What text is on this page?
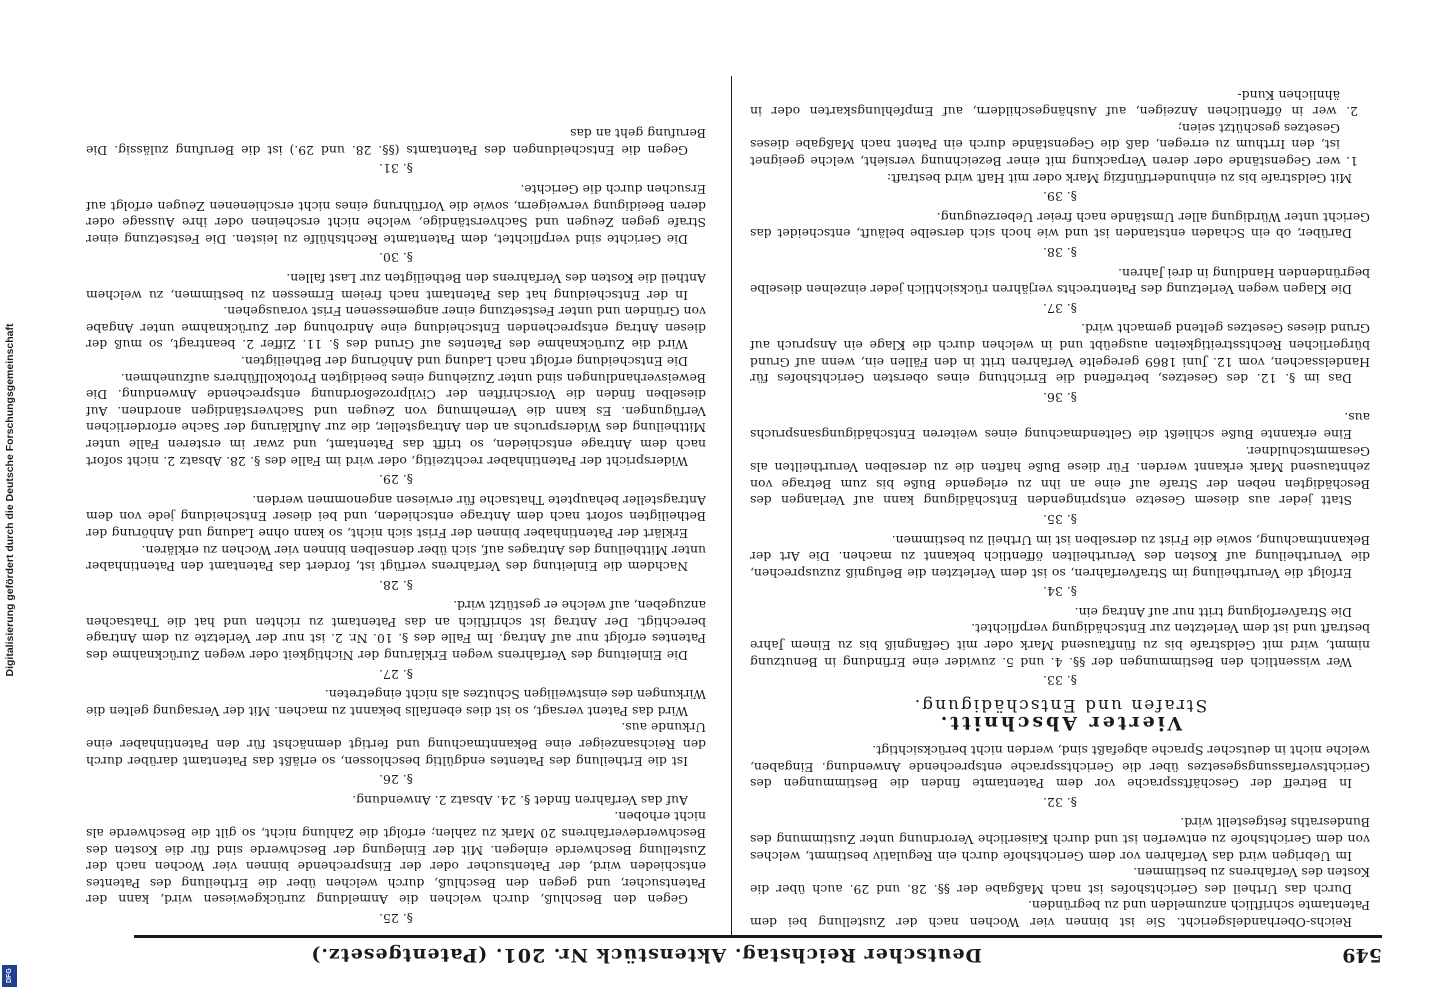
Digitalisierung gefördert durch die Deutsche Forschungsgemeinschaft
DFG
549
Deutscher Reichstag. Aktenstück Nr. 201. (Patentgesetz.)
Reichs-Oberhandelsgericht. Sie ist binnen vier Wochen nach der Zustellung bei dem Patentamte schriftlich anzumelden und zu begründen.
Durch das Urtheil des Gerichtshofes ist nach Maßgabe der §§. 28. und 29. auch über die Kosten des Verfahrens zu bestimmen.
Im Uebrigen wird das Verfahren vor dem Gerichtshofe durch ein Regulativ bestimmt, welches von dem Gerichtshofe zu entwerfen ist und durch Kaiserliche Verordnung unter Zustimmung des Bundesraths festgestellt wird.
§. 32.
In Betreff der Geschäftssprache vor dem Patentamte finden die Bestimmungen des Gerichtsverfassungsgesetzes über die Gerichtssprache entsprechende Anwendung. Eingaben, welche nicht in deutscher Sprache abgefaßt sind, werden nicht berücksichtigt.
Vierter Abschnitt.
Strafen und Entschädigung.
§. 33.
Wer wissentlich den Bestimmungen der §§. 4. und 5. zuwider eine Erfindung in Benutzung nimmt, wird mit Geldstrafe bis zu fünftausend Mark oder mit Gefängniß bis zu Einem Jahre bestraft und ist dem Verletzten zur Entschädigung verpflichtet.
Die Strafverfolgung tritt nur auf Antrag ein.
§. 34.
Erfolgt die Verurtheilung im Strafverfahren, so ist dem Verletzten die Befugniß zuzusprechen, die Verurtheilung auf Kosten des Verurtheilten öffentlich bekannt zu machen. Die Art der Bekanntmachung, sowie die Frist zu derselben ist im Urtheil zu bestimmen.
§. 35.
Statt jeder aus diesem Gesetze entspringenden Entschädigung kann auf Verlangen des Beschädigten neben der Strafe auf eine an ihn zu erlegende Buße bis zum Betrage von zehntausend Mark erkannt werden. Für diese Buße haften die zu derselben Verurtheilten als Gesammtschuldner.
Eine erkannte Buße schließt die Geltendmachung eines weiteren Entschädigungsanspruchs aus.
§. 36.
Das im §. 12. des Gesetzes, betreffend die Errichtung eines obersten Gerichtshofes für Handelssachen, vom 12. Juni 1869 geregelte Verfahren tritt in den Fällen ein, wenn auf Grund bürgerlichen Rechtsstreitigkeiten ausgeübt und in welchen durch die Klage ein Anspruch auf Grund dieses Gesetzes geltend gemacht wird.
§. 37.
Die Klagen wegen Verletzung des Patentrechts verjähren rücksichtlich jeder einzelnen dieselbe begründenden Handlung in drei Jahren.
§. 38.
Darüber, ob ein Schaden entstanden ist und wie hoch sich derselbe beläuft, entscheidet das Gericht unter Würdigung aller Umstände nach freier Ueberzeugung.
§. 39.
Mit Geldstrafe bis zu einhundertfünfzig Mark oder mit Haft wird bestraft:
1. wer Gegenstände oder deren Verpackung mit einer Bezeichnung versieht, welche geeignet ist, den Irrthum zu erregen, daß die Gegenstände durch ein Patent nach Maßgabe dieses Gesetzes geschützt seien;
2. wer in öffentlichen Anzeigen, auf Aushängeschildern, auf Empfehlungskarten oder in ähnlichen Kund-
§. 25.
Gegen den Beschluß, durch welchen die Anmeldung zurückgewiesen wird, kann der Patentsucher, und gegen den Beschluß, durch welchen über die Ertheilung des Patentes entschieden wird, der Patentsucher oder der Einsprechende binnen vier Wochen nach der Zustellung Beschwerde einlegen. Mit der Einlegung der Beschwerde sind für die Kosten des Beschwerdeverfahrens 20 Mark zu zahlen; erfolgt die Zahlung nicht, so gilt die Beschwerde als nicht erhoben.
Auf das Verfahren findet §. 24. Absatz 2. Anwendung.
§. 26.
Ist die Ertheilung des Patentes endgültig beschlossen, so erläßt das Patentamt darüber durch den Reichsanzeiger eine Bekanntmachung und fertigt demnächst für den Patentinhaber eine Urkunde aus.
Wird das Patent versagt, so ist dies ebenfalls bekannt zu machen. Mit der Versagung gelten die Wirkungen des einstweiligen Schutzes als nicht eingetreten.
§. 27.
Die Einleitung des Verfahrens wegen Erklärung der Nichtigkeit oder wegen Zurücknahme des Patentes erfolgt nur auf Antrag. Im Falle des §. 10. Nr. 2. ist nur der Verletzte zu dem Antrage berechtigt. Der Antrag ist schriftlich an das Patentamt zu richten und hat die Thatsachen anzugeben, auf welche er gestützt wird.
§. 28.
Nachdem die Einleitung des Verfahrens verfügt ist, fordert das Patentamt den Patentinhaber unter Mittheilung des Antrages auf, sich über denselben binnen vier Wochen zu erklären.
Erklärt der Patentinhaber binnen der Frist sich nicht, so kann ohne Ladung und Anhörung der Betheiligten sofort nach dem Antrage entschieden, und bei dieser Entscheidung jede von dem Antragsteller behauptete Thatsache für erwiesen angenommen werden.
§. 29.
Widerspricht der Patentinhaber rechtzeitig, oder wird im Falle des §. 28. Absatz 2. nicht sofort nach dem Antrage entschieden, so trifft das Patentamt, und zwar im ersteren Falle unter Mittheilung des Widerspruchs an den Antragsteller, die zur Aufklärung der Sache erforderlichen Verfügungen. Es kann die Vernehmung von Zeugen und Sachverständigen anordnen. Auf dieselben finden die Vorschriften der Civilprozeßordnung entsprechende Anwendung. Die Beweisverhandlungen sind unter Zuziehung eines beeidigten Protokollführers aufzunehmen.
Die Entscheidung erfolgt nach Ladung und Anhörung der Betheiligten.
Wird die Zurücknahme des Patentes auf Grund des §. 11. Ziffer 2. beantragt, so muß der diesen Antrag entsprechenden Entscheidung eine Androhung der Zurücknahme unter Angabe von Gründen und unter Festsetzung einer angemessenen Frist vorausgehen.
In der Entscheidung hat das Patentamt nach freiem Ermessen zu bestimmen, zu welchem Antheil die Kosten des Verfahrens den Betheiligten zur Last fallen.
§. 30.
Die Gerichte sind verpflichtet, dem Patentamte Rechtshülfe zu leisten. Die Festsetzung einer Strafe gegen Zeugen und Sachverständige, welche nicht erscheinen oder ihre Aussage oder deren Beeidigung verweigern, sowie die Vorführung eines nicht erschienenen Zeugen erfolgt auf Ersuchen durch die Gerichte.
§. 31.
Gegen die Entscheidungen des Patentamts (§§. 28. und 29.) ist die Berufung zulässig. Die Berufung geht an das
